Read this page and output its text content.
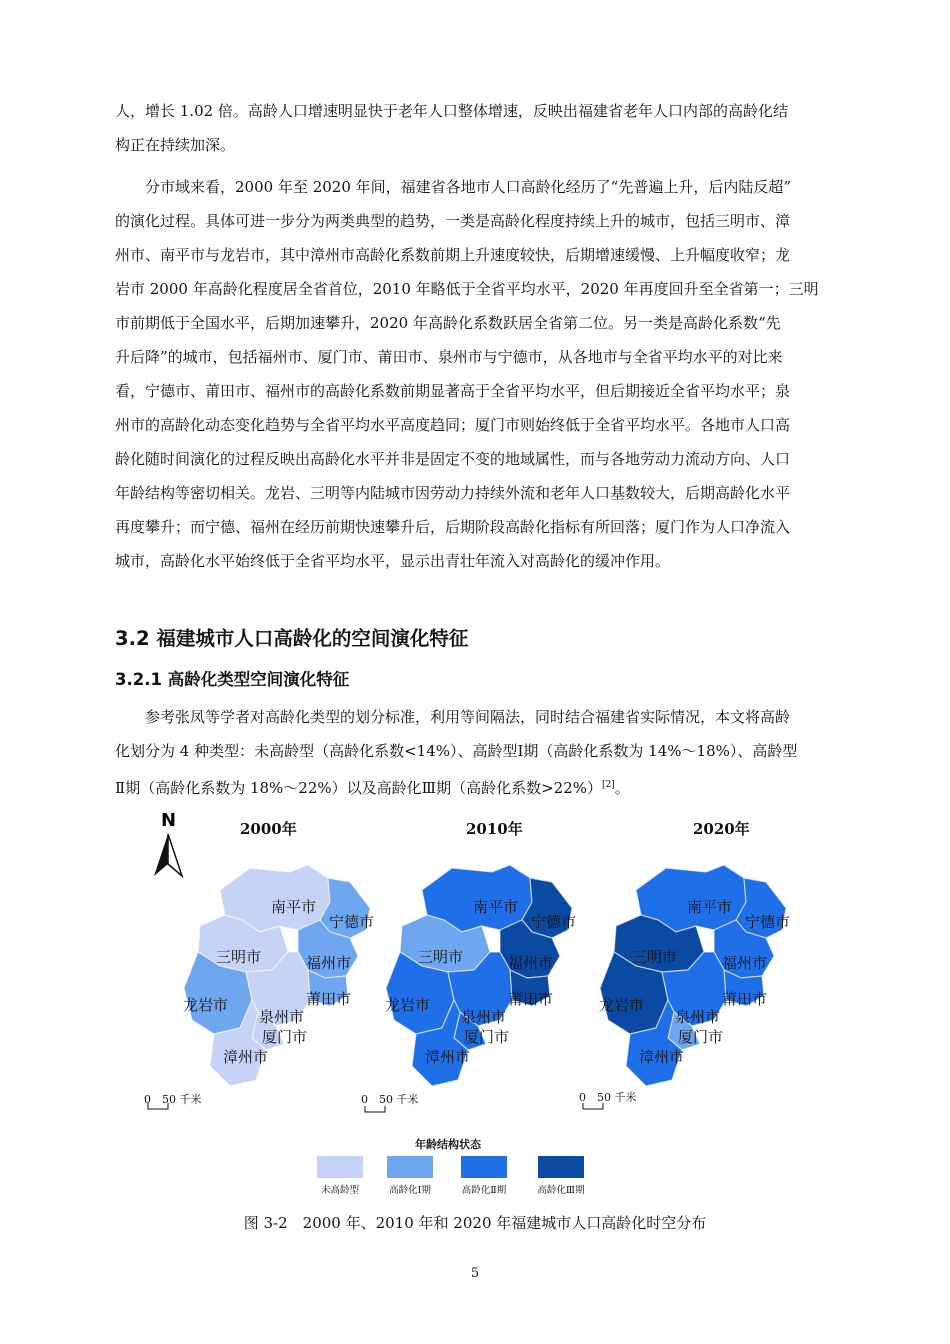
人，增长 1.02 倍。高龄人口增速明显快于老年人口整体增速，反映出福建省老年人口内部的高龄化结
构正在持续加深。
　　分市域来看，2000 年至 2020 年间，福建省各地市人口高龄化经历了“先普遍上升，后内陆反超”
的演化过程。具体可进一步分为两类典型的趋势，一类是高龄化程度持续上升的城市，包括三明市、漳
州市、南平市与龙岩市，其中漳州市高龄化系数前期上升速度较快，后期增速缓慢、上升幅度收窄；龙
岩市 2000 年高龄化程度居全省首位，2010 年略低于全省平均水平，2020 年再度回升至全省第一；三明
市前期低于全国水平，后期加速攀升，2020 年高龄化系数跃居全省第二位。另一类是高龄化系数“先
升后降”的城市，包括福州市、厦门市、莆田市、泉州市与宁德市，从各地市与全省平均水平的对比来
看，宁德市、莆田市、福州市的高龄化系数前期显著高于全省平均水平，但后期接近全省平均水平；泉
州市的高龄化动态变化趋势与全省平均水平高度趋同；厦门市则始终低于全省平均水平。各地市人口高
龄化随时间演化的过程反映出高龄化水平并非是固定不变的地域属性，而与各地劳动力流动方向、人口
年龄结构等密切相关。龙岩、三明等内陆城市因劳动力持续外流和老年人口基数较大，后期高龄化水平
再度攀升；而宁德、福州在经历前期快速攀升后，后期阶段高龄化指标有所回落；厦门作为人口净流入
城市，高龄化水平始终低于全省平均水平，显示出青壮年流入对高龄化的缓冲作用。
3.2 福建城市人口高龄化的空间演化特征
3.2.1 高龄化类型空间演化特征
　　参考张凤等学者对高龄化类型的划分标准，利用等间隔法，同时结合福建省实际情况，本文将高龄
化划分为 4 种类型：未高龄型（高龄化系数<14%）、高龄型Ⅰ期（高龄化系数为 14%～18%）、高龄型
Ⅱ期（高龄化系数为 18%～22%）以及高龄化Ⅲ期（高龄化系数>22%）[2]。
N
南平市
宁德市
三明市	福州市
龙岩市	莆田市
泉州市
厦门市
漳州市
南平市
宁德市
三明市	福州市
龙岩市	莆田市
泉州市
厦门市
漳州市
南平市
宁德市
三明市	福州市
龙岩市	莆田市
泉州市
厦门市
漳州市
2000年	2010年	2020年
0　50 千米	0　50 千米	0　50 千米
年龄结构状态
未高龄型	高龄化Ⅰ期	高龄化Ⅱ期	高龄化Ⅲ期
图 3-2　2000 年、2010 年和 2020 年福建城市人口高龄化时空分布
5
